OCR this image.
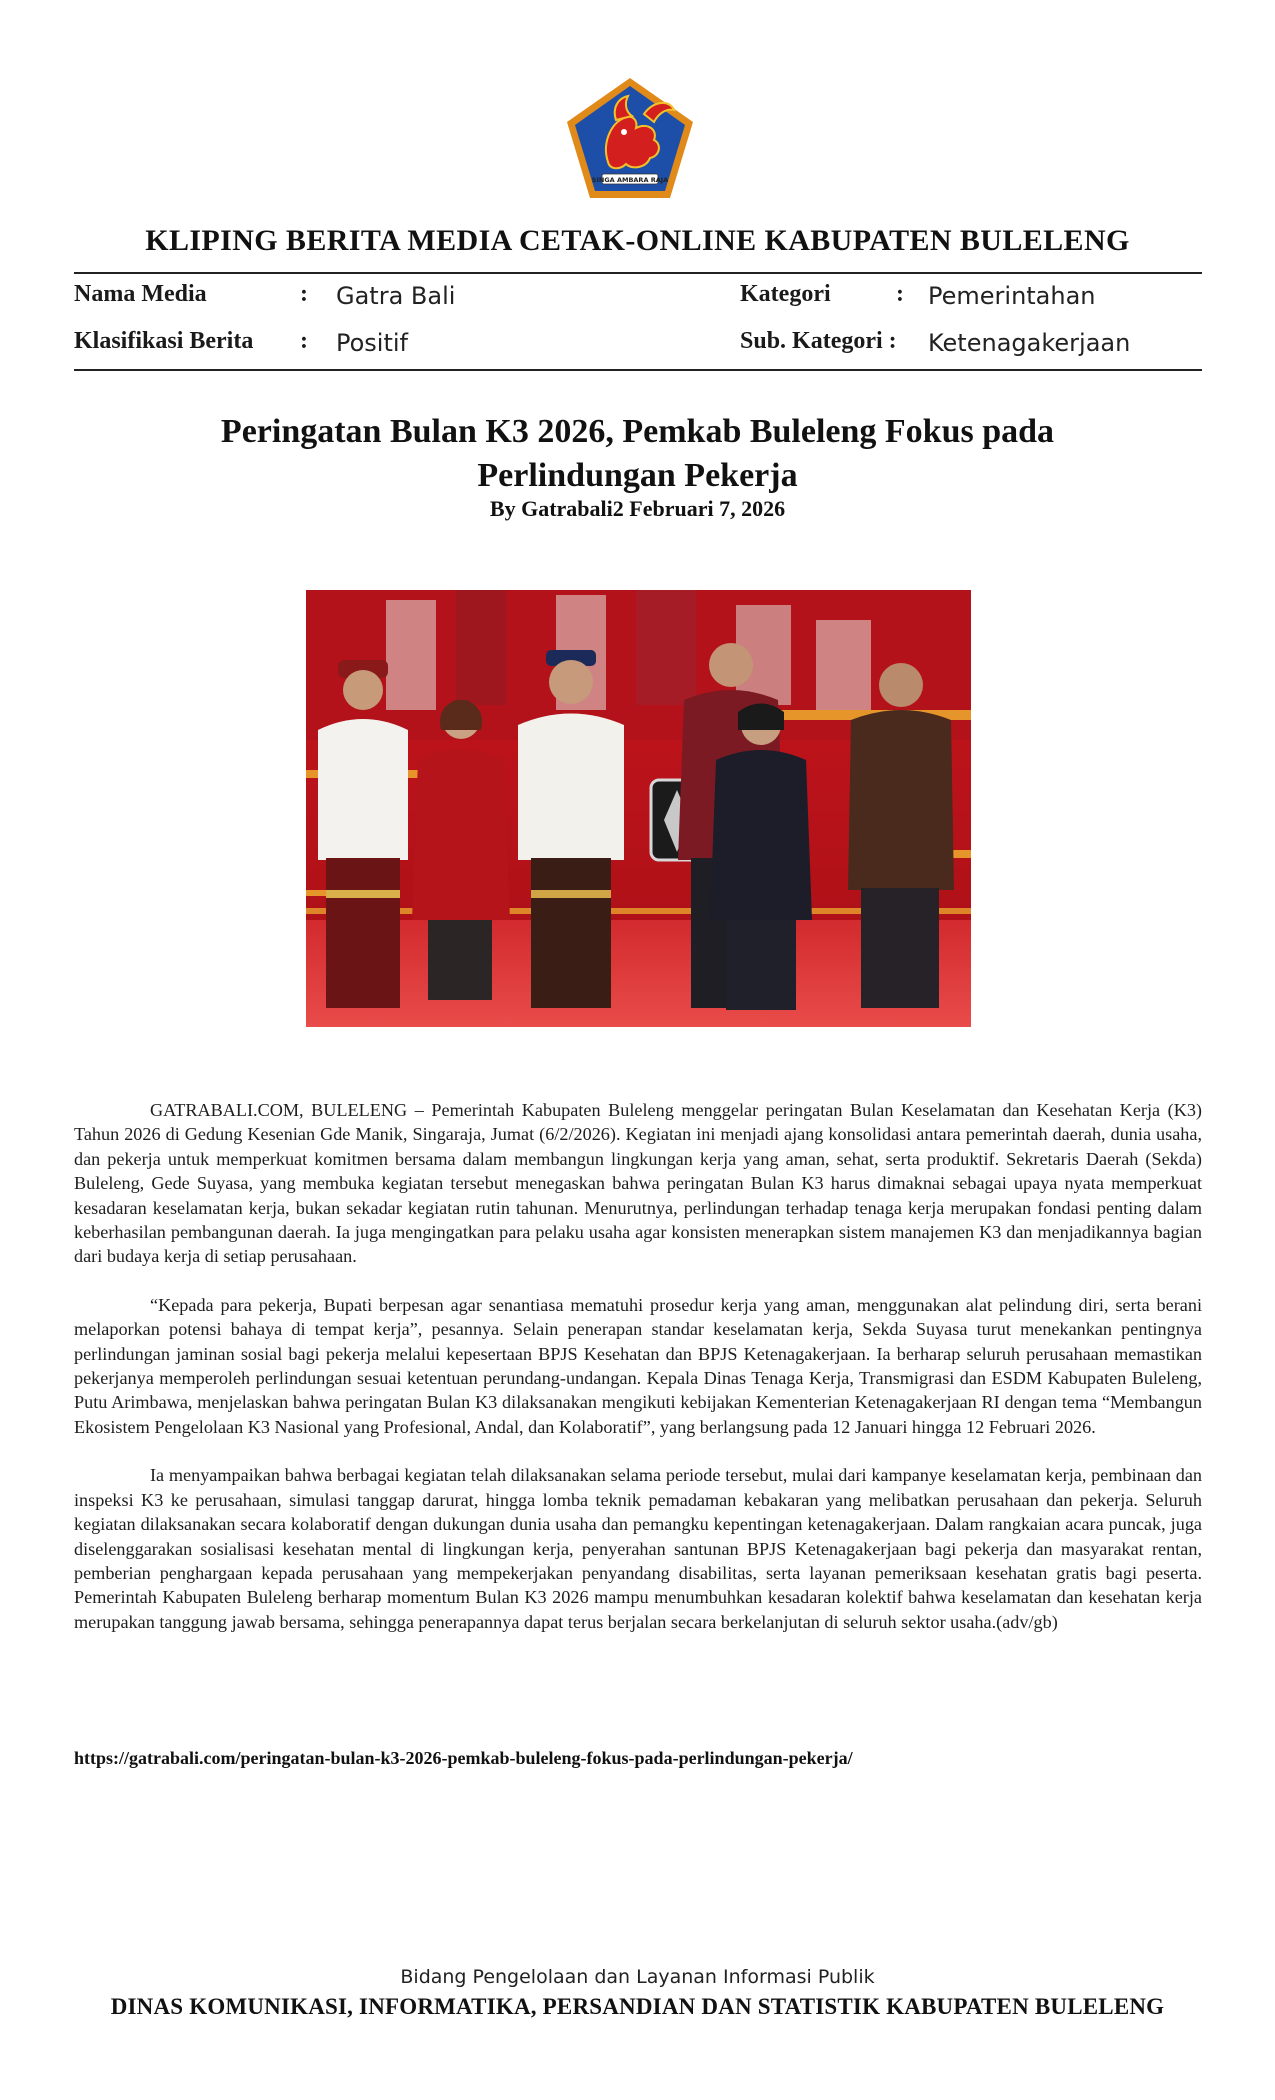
SINGA AMBARA RAJA
KLIPING BERITA MEDIA CETAK-ONLINE KABUPATEN BULELENG
Nama Media	: Gatra Bali	Kategori	: Pemerintahan
Klasifikasi Berita : Positif	Sub. Kategori : Ketenagakerjaan
Peringatan Bulan K3 2026, Pemkab Buleleng Fokus pada
Perlindungan Pekerja
By Gatrabali2 Februari 7, 2026

GATRABALI.COM, BULELENG – Pemerintah Kabupaten Buleleng menggelar peringatan Bulan Keselamatan dan Kesehatan Kerja (K3) Tahun 2026 di Gedung Kesenian Gde Manik, Singaraja, Jumat (6/2/2026). Kegiatan ini menjadi ajang konsolidasi antara pemerintah daerah, dunia usaha, dan pekerja untuk memperkuat komitmen bersama dalam membangun lingkungan kerja yang aman, sehat, serta produktif. Sekretaris Daerah (Sekda) Buleleng, Gede Suyasa, yang membuka kegiatan tersebut menegaskan bahwa peringatan Bulan K3 harus dimaknai sebagai upaya nyata memperkuat kesadaran keselamatan kerja, bukan sekadar kegiatan rutin tahunan. Menurutnya, perlindungan terhadap tenaga kerja merupakan fondasi penting dalam keberhasilan pembangunan daerah. Ia juga mengingatkan para pelaku usaha agar konsisten menerapkan sistem manajemen K3 dan menjadikannya bagian dari budaya kerja di setiap perusahaan.

“Kepada para pekerja, Bupati berpesan agar senantiasa mematuhi prosedur kerja yang aman, menggunakan alat pelindung diri, serta berani melaporkan potensi bahaya di tempat kerja”, pesannya. Selain penerapan standar keselamatan kerja, Sekda Suyasa turut menekankan pentingnya perlindungan jaminan sosial bagi pekerja melalui kepesertaan BPJS Kesehatan dan BPJS Ketenagakerjaan. Ia berharap seluruh perusahaan memastikan pekerjanya memperoleh perlindungan sesuai ketentuan perundang-undangan. Kepala Dinas Tenaga Kerja, Transmigrasi dan ESDM Kabupaten Buleleng, Putu Arimbawa, menjelaskan bahwa peringatan Bulan K3 dilaksanakan mengikuti kebijakan Kementerian Ketenagakerjaan RI dengan tema “Membangun Ekosistem Pengelolaan K3 Nasional yang Profesional, Andal, dan Kolaboratif”, yang berlangsung pada 12 Januari hingga 12 Februari 2026.

Ia menyampaikan bahwa berbagai kegiatan telah dilaksanakan selama periode tersebut, mulai dari kampanye keselamatan kerja, pembinaan dan inspeksi K3 ke perusahaan, simulasi tanggap darurat, hingga lomba teknik pemadaman kebakaran yang melibatkan perusahaan dan pekerja. Seluruh kegiatan dilaksanakan secara kolaboratif dengan dukungan dunia usaha dan pemangku kepentingan ketenagakerjaan. Dalam rangkaian acara puncak, juga diselenggarakan sosialisasi kesehatan mental di lingkungan kerja, penyerahan santunan BPJS Ketenagakerjaan bagi pekerja dan masyarakat rentan, pemberian penghargaan kepada perusahaan yang mempekerjakan penyandang disabilitas, serta layanan pemeriksaan kesehatan gratis bagi peserta. Pemerintah Kabupaten Buleleng berharap momentum Bulan K3 2026 mampu menumbuhkan kesadaran kolektif bahwa keselamatan dan kesehatan kerja merupakan tanggung jawab bersama, sehingga penerapannya dapat terus berjalan secara berkelanjutan di seluruh sektor usaha.(adv/gb)

https://gatrabali.com/peringatan-bulan-k3-2026-pemkab-buleleng-fokus-pada-perlindungan-pekerja/
Bidang Pengelolaan dan Layanan Informasi Publik
DINAS KOMUNIKASI, INFORMATIKA, PERSANDIAN DAN STATISTIK KABUPATEN BULELENG
